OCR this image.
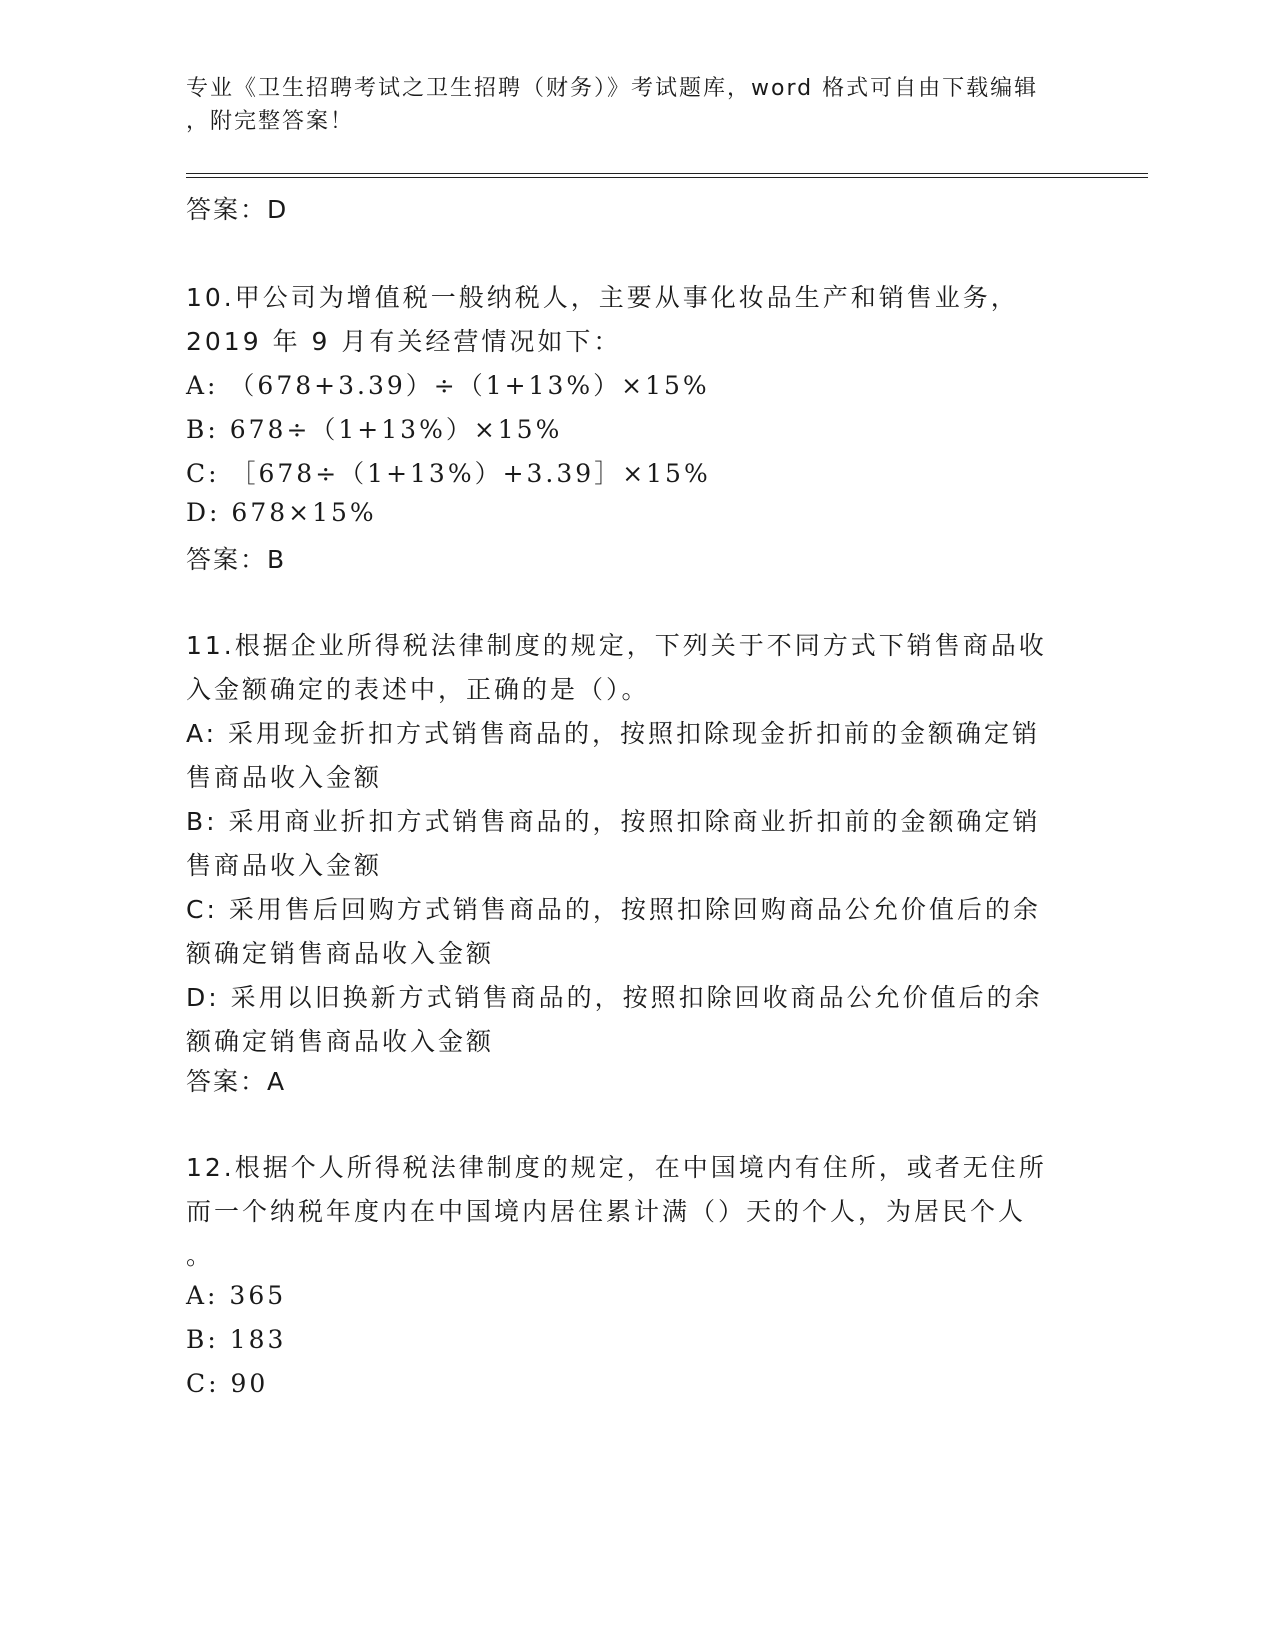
专业《卫生招聘考试之卫生招聘（财务）》考试题库，word 格式可自由下载编辑
，附完整答案！
答案：D
10.甲公司为增值税一般纳税人，主要从事化妆品生产和销售业务，
2019 年 9 月有关经营情况如下：
A: （678+3.39）÷（1+13%）×15%
B: 678÷（1+13%）×15%
C: ［678÷（1+13%）+3.39］×15%
D: 678×15%
答案：B
11.根据企业所得税法律制度的规定，下列关于不同方式下销售商品收
入金额确定的表述中，正确的是（）。
A: 采用现金折扣方式销售商品的，按照扣除现金折扣前的金额确定销
售商品收入金额
B: 采用商业折扣方式销售商品的，按照扣除商业折扣前的金额确定销
售商品收入金额
C: 采用售后回购方式销售商品的，按照扣除回购商品公允价值后的余
额确定销售商品收入金额
D: 采用以旧换新方式销售商品的，按照扣除回收商品公允价值后的余
额确定销售商品收入金额
答案：A
12.根据个人所得税法律制度的规定，在中国境内有住所，或者无住所
而一个纳税年度内在中国境内居住累计满（）天的个人，为居民个人
。
A: 365
B: 183
C: 90
